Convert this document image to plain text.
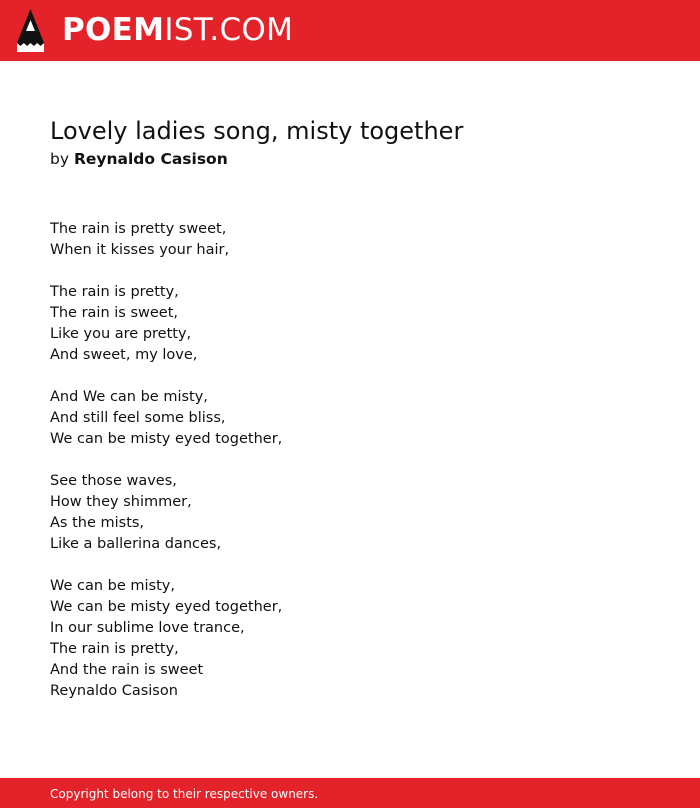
POEMIST.COM
Lovely ladies song, misty together
by Reynaldo Casison
The rain is pretty sweet,
When it kisses your hair,
The rain is pretty,
The rain is sweet,
Like you are pretty,
And sweet, my love,
And We can be misty,
And still feel some bliss,
We can be misty eyed together,
See those waves,
How they shimmer,
As the mists,
Like a ballerina dances,
We can be misty,
We can be misty eyed together,
In our sublime love trance,
The rain is pretty,
And the rain is sweet
Reynaldo Casison
Copyright belong to their respective owners.
